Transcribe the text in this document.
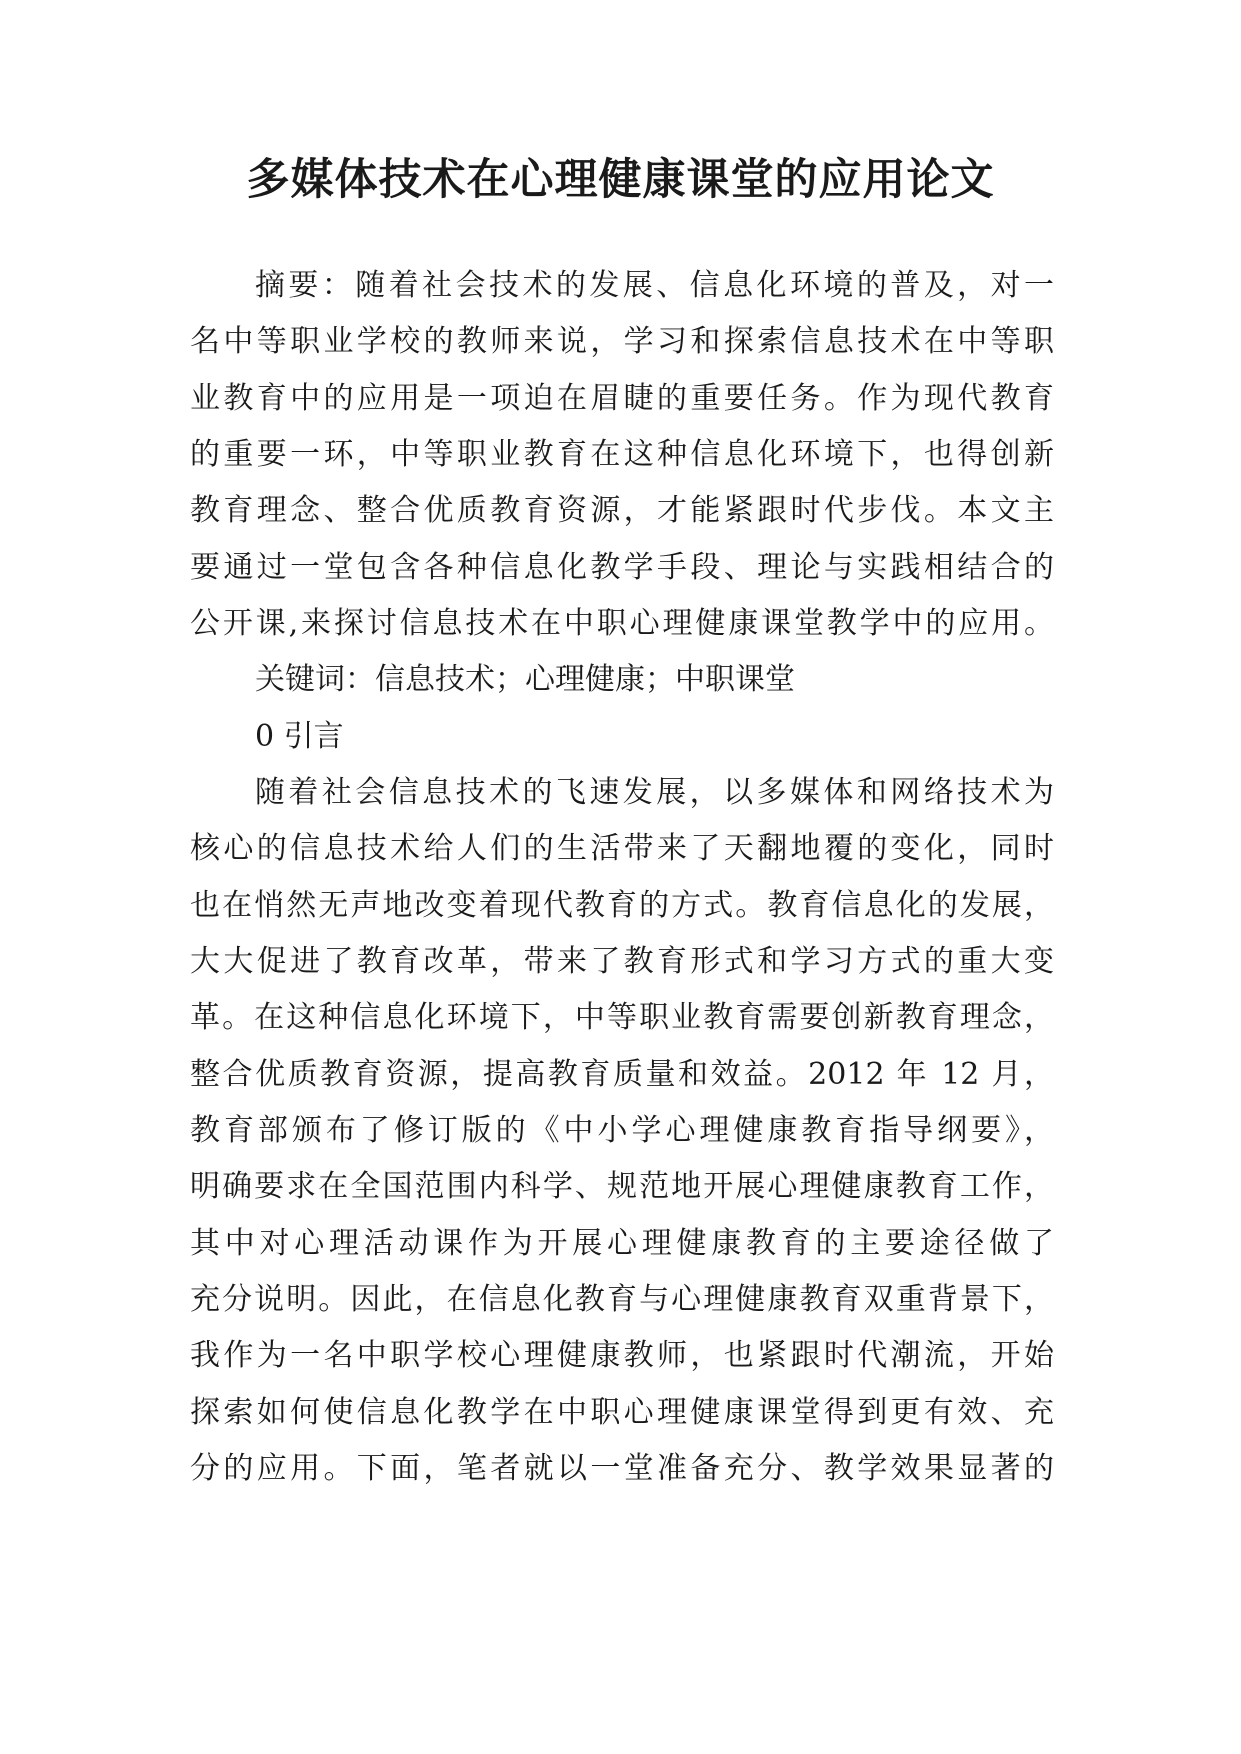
多媒体技术在心理健康课堂的应用论文

摘要：随着社会技术的发展、信息化环境的普及，对一

名中等职业学校的教师来说，学习和探索信息技术在中等职

业教育中的应用是一项迫在眉睫的重要任务。作为现代教育

的重要一环，中等职业教育在这种信息化环境下，也得创新

教育理念、整合优质教育资源，才能紧跟时代步伐。本文主

要通过一堂包含各种信息化教学手段、理论与实践相结合的

公开课,来探讨信息技术在中职心理健康课堂教学中的应用。

关键词：信息技术；心理健康；中职课堂

0 引言

随着社会信息技术的飞速发展，以多媒体和网络技术为

核心的信息技术给人们的生活带来了天翻地覆的变化，同时

也在悄然无声地改变着现代教育的方式。教育信息化的发展，

大大促进了教育改革，带来了教育形式和学习方式的重大变

革。在这种信息化环境下，中等职业教育需要创新教育理念，

整合优质教育资源，提高教育质量和效益。2012 年 12 月，

教育部颁布了修订版的《中小学心理健康教育指导纲要》，

明确要求在全国范围内科学、规范地开展心理健康教育工作，

其中对心理活动课作为开展心理健康教育的主要途径做了

充分说明。因此，在信息化教育与心理健康教育双重背景下，

我作为一名中职学校心理健康教师，也紧跟时代潮流，开始

探索如何使信息化教学在中职心理健康课堂得到更有效、充

分的应用。下面，笔者就以一堂准备充分、教学效果显著的
